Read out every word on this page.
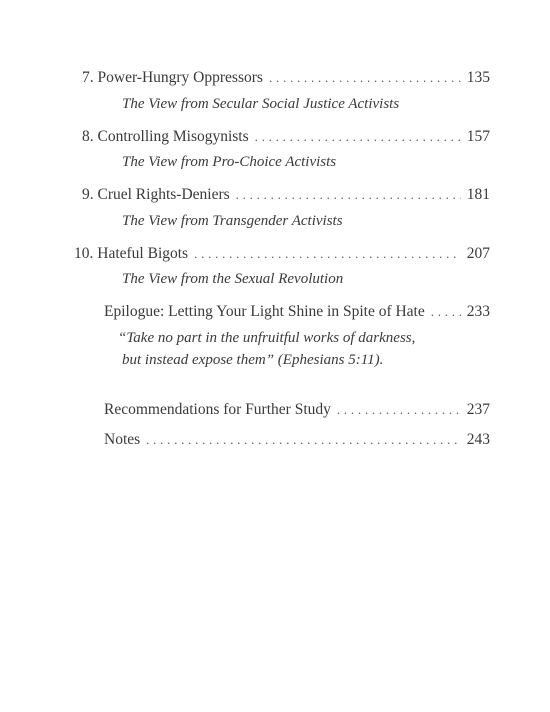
7. Power-Hungry Oppressors . . .	135
The View from Secular Social Justice Activists
8. Controlling Misogynists . . .	157
The View from Pro-Choice Activists
9. Cruel Rights-Deniers . . .	181
The View from Transgender Activists
10. Hateful Bigots . . .	207
The View from the Sexual Revolution
Epilogue: Letting Your Light Shine in Spite of Hate . . .	233
“Take no part in the unfruitful works of darkness,
but instead expose them” (Ephesians 5:11).
Recommendations for Further Study . . .	237
Notes . . .	243
